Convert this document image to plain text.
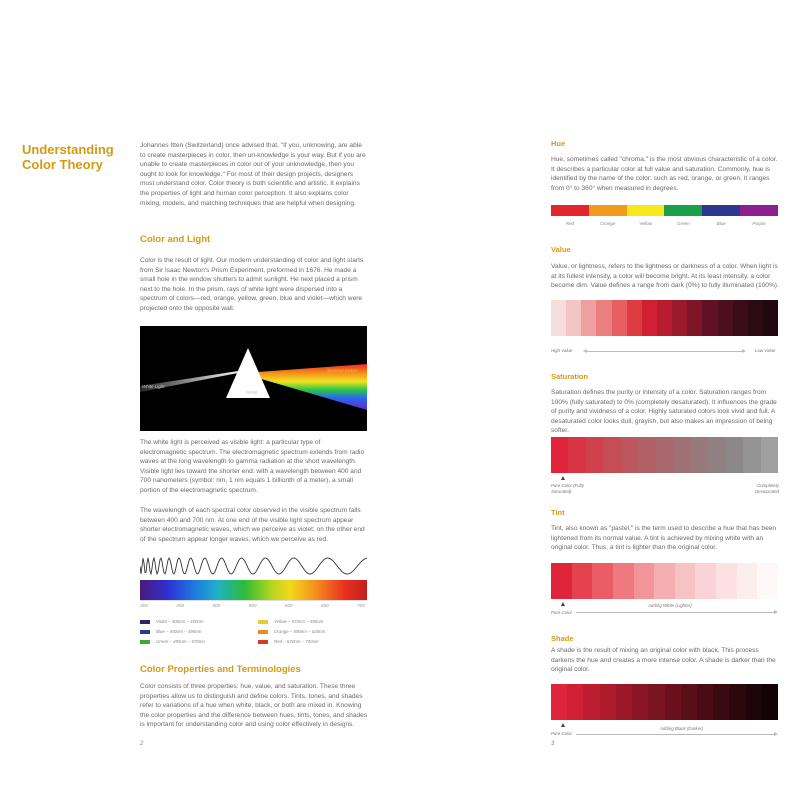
Understanding Color Theory
Johannes Itten (Switzerland) once advised that, "If you, unknowing, are able to create masterpieces in color, then un-knowledge is your way. But if you are unable to create masterpieces in color out of your unknowledge, then you ought to look for knowledge." For most of their design projects, designers must understand color. Color theory is both scientific and artistic. It explains the properties of light and human color perception. It also explains color mixing, models, and matching techniques that are helpful when designing.
Color and Light
Color is the result of light. Our modern understanding of color and light starts from Sir Isaac Newton's Prism Experiment, preformed in 1676. He made a small hole in the window shutters to admit sunlight. He next placed a prism next to the hole. In the prism, rays of white light were dispersed into a spectrum of colors—red, orange, yellow, green, blue and violet—which were projected onto the opposite wall.
White Light
Prism
Spectral Colors
The white light is perceived as visible light: a particular type of electromagnetic spectrum. The electromagnetic spectrum extends from radio waves at the long wavelength to gamma radiation at the short wavelength. Visible light lies toward the shorter end: with a wavelength between 400 and 700 nanometers (symbol: nm, 1 nm equals 1 billionth of a meter), a small portion of the electromagnetic spectrum.
The wavelength of each spectral color observed in the visible spectrum falls between 400 and 700 nm. At one end of the visible light spectrum appear shorter electromagnetic waves, which we perceive as violet; on the other end of the spectrum appear longer waves, which we perceive as red.
400	450	500	550	600	650	700
Violet – 400nm – 450nm	Yellow – 570nm – 590nm
Blue – 450nm – 495nm	Orange – 590nm – 620nm
Green – 495nm – 570nm	Red – 620nm – 700nm
Color Properties and Terminologies
Color consists of three properties: hue, value, and saturation. These three properties allow us to distinguish and define colors. Tints, tones, and shades refer to variations of a hue when white, black, or both are mixed in. Knowing the color properties and the difference between hues, tints, tones, and shades is important for understanding color and using color effectively in designs.
2
Hue
Hue, sometimes called "chroma," is the most obvious characteristic of a color. It describes a particular color at full value and saturation. Commonly, hue is identified by the name of the color: such as red, orange, or green. It ranges from 0° to 360° when measured in degrees.
Red	Orange	Yellow	Green	Blue	Purple
Value
Value, or lightness, refers to the lightness or darkness of a color. When light is at its fullest intensity, a color will become bright. At its least intensity, a color become dim. Value defines a range from dark (0%) to fully illuminated (100%).
High Value	Low Value
Saturation
Saturation defines the purity or intensity of a color. Saturation ranges from 100% (fully saturated) to 0% (completely desaturated). It influences the grade of purity and vividness of a color. Highly saturated colors look vivid and full. A desaturated color looks dull, grayish, but also makes an impression of being softer.
Pure Color (Fully Saturated)
Completely Desaturated
Tint
Tint, also known as "pastel," is the term used to describe a hue that has been lightened from its normal value. A tint is achieved by mixing white with an original color. Thus, a tint is lighter than the original color.
Pure Color
Adding White (Lighter)
Shade
A shade is the result of mixing an original color with black. This process darkens the hue and creates a more intense color. A shade is darker than the original color.
Pure Color
Adding Black (Darker)
3
